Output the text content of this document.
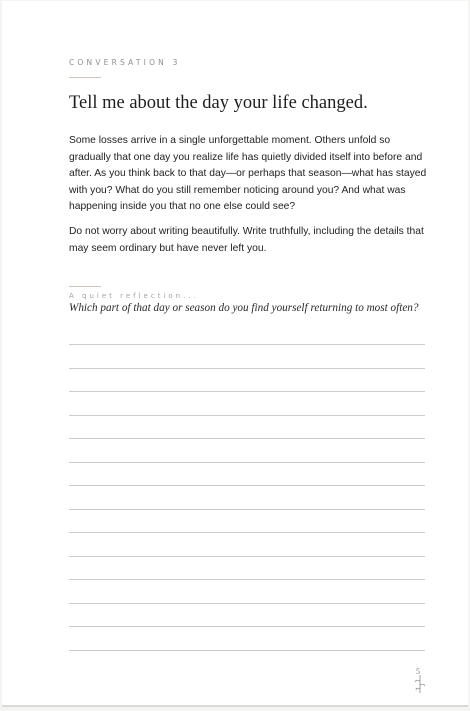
CONVERSATION 3
Tell me about the day your life changed.
Some losses arrive in a single unforgettable moment. Others unfold so gradually that one day you realize life has quietly divided itself into before and after. As you think back to that day—or perhaps that season—what has stayed with you? What do you still remember noticing around you? And what was happening inside you that no one else could see?
Do not worry about writing beautifully. Write truthfully, including the details that may seem ordinary but have never left you.
A quiet reflection...
Which part of that day or season do you find yourself returning to most often?
5
